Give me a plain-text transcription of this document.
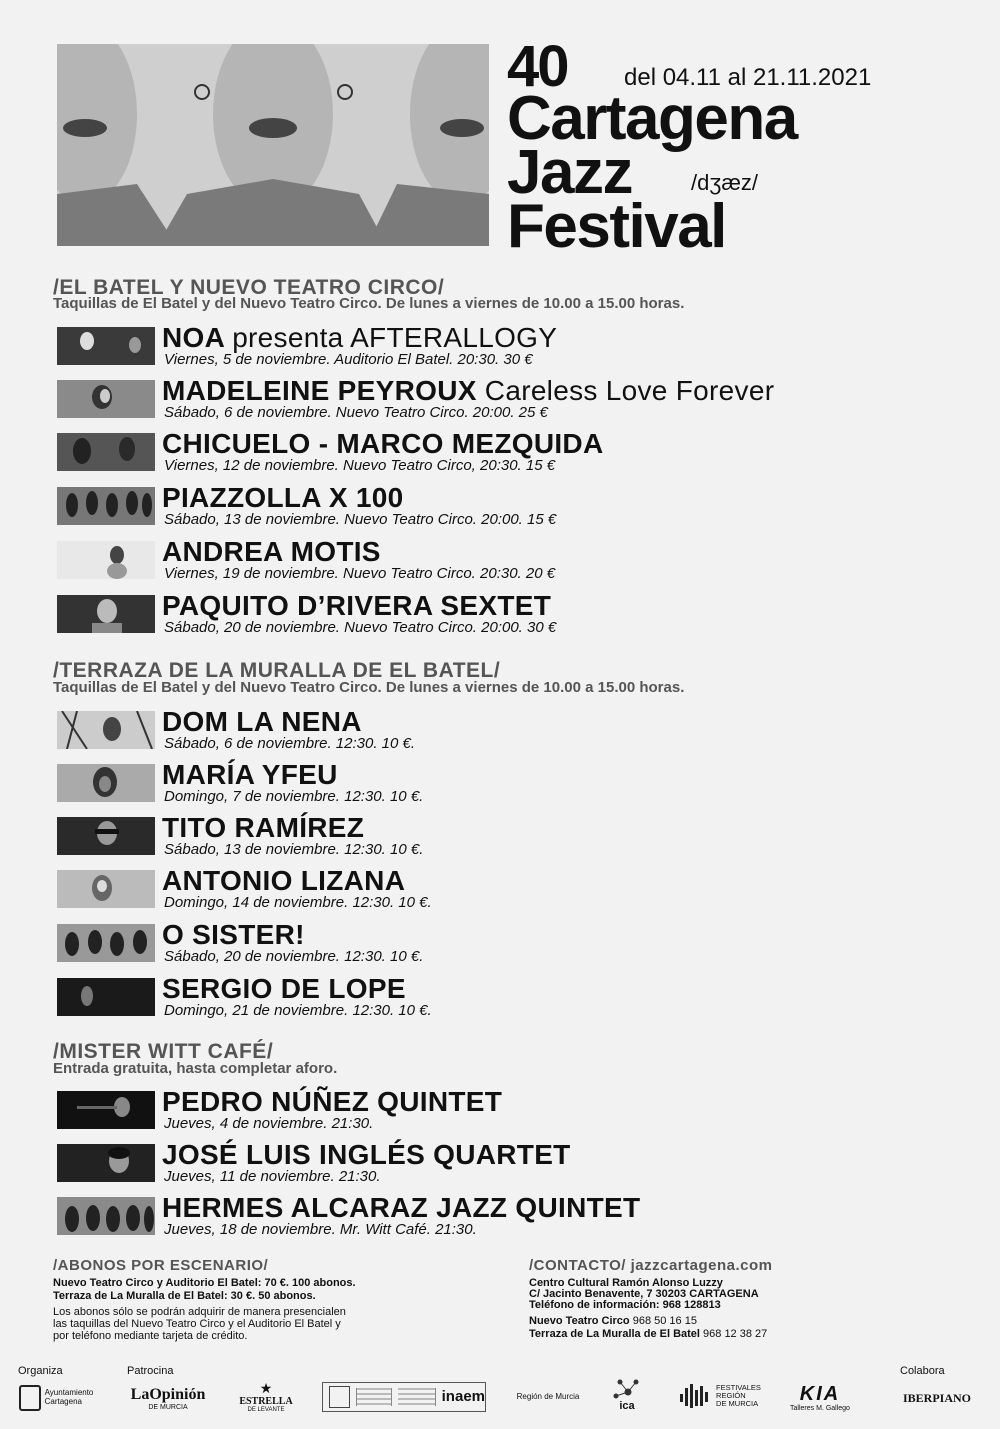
40 del 04.11 al 21.11.2021
Cartagena
Jazz	/dʒæz/
Festival
/EL BATEL Y NUEVO TEATRO CIRCO/
Taquillas de El Batel y del Nuevo Teatro Circo. De lunes a viernes de 10.00 a 15.00 horas.
NOA presenta AFTERALLOGY
Viernes, 5 de noviembre. Auditorio El Batel. 20:30. 30 €
MADELEINE PEYROUX Careless Love Forever
Sábado, 6 de noviembre. Nuevo Teatro Circo. 20:00. 25 €
CHICUELO - MARCO MEZQUIDA
Viernes, 12 de noviembre. Nuevo Teatro Circo, 20:30. 15 €
PIAZZOLLA X 100
Sábado, 13 de noviembre. Nuevo Teatro Circo. 20:00. 15 €
ANDREA MOTIS
Viernes, 19 de noviembre. Nuevo Teatro Circo. 20:30. 20 €
PAQUITO D’RIVERA SEXTET
Sábado, 20 de noviembre. Nuevo Teatro Circo. 20:00. 30 €
/TERRAZA DE LA MURALLA DE EL BATEL/
Taquillas de El Batel y del Nuevo Teatro Circo. De lunes a viernes de 10.00 a 15.00 horas.
DOM LA NENA
Sábado, 6 de noviembre. 12:30. 10 €.
MARÍA YFEU
Domingo, 7 de noviembre. 12:30. 10 €.
TITO RAMÍREZ
Sábado, 13 de noviembre. 12:30. 10 €.
ANTONIO LIZANA
Domingo, 14 de noviembre. 12:30. 10 €.
O SISTER!
Sábado, 20 de noviembre. 12:30. 10 €.
SERGIO DE LOPE
Domingo, 21 de noviembre. 12:30. 10 €.
/MISTER WITT CAFÉ/
Entrada gratuita, hasta completar aforo.
PEDRO NÚÑEZ QUINTET
Jueves, 4 de noviembre. 21:30.
JOSÉ LUIS INGLÉS QUARTET
Jueves, 11 de noviembre. 21:30.
HERMES ALCARAZ JAZZ QUINTET
Jueves, 18 de noviembre. Mr. Witt Café. 21:30.
/ABONOS POR ESCENARIO/
Nuevo Teatro Circo y Auditorio El Batel: 70 €. 100 abonos.
Terraza de La Muralla de El Batel: 30 €. 50 abonos.
Los abonos sólo se podrán adquirir de manera presencialen
las taquillas del Nuevo Teatro Circo y el Auditorio El Batel y
por teléfono mediante tarjeta de crédito.
/CONTACTO/ jazzcartagena.com
Centro Cultural Ramón Alonso Luzzy
C/ Jacinto Benavente, 7 30203 CARTAGENA
Teléfono de información: 968 128813
Nuevo Teatro Circo 968 50 16 15
Terraza de La Muralla de El Batel 968 12 38 27
Organiza	Patrocina	Colabora
Ayuntamiento
Cartagena	LaOpinión
DE MURCIA
★
ESTRELLA
DE LEVANTE
inaem	Región de Murcia
ica
FESTIVALES
REGIÓN
DE MURCIA KIA
Talleres M. Gallego
IBERPIANO
